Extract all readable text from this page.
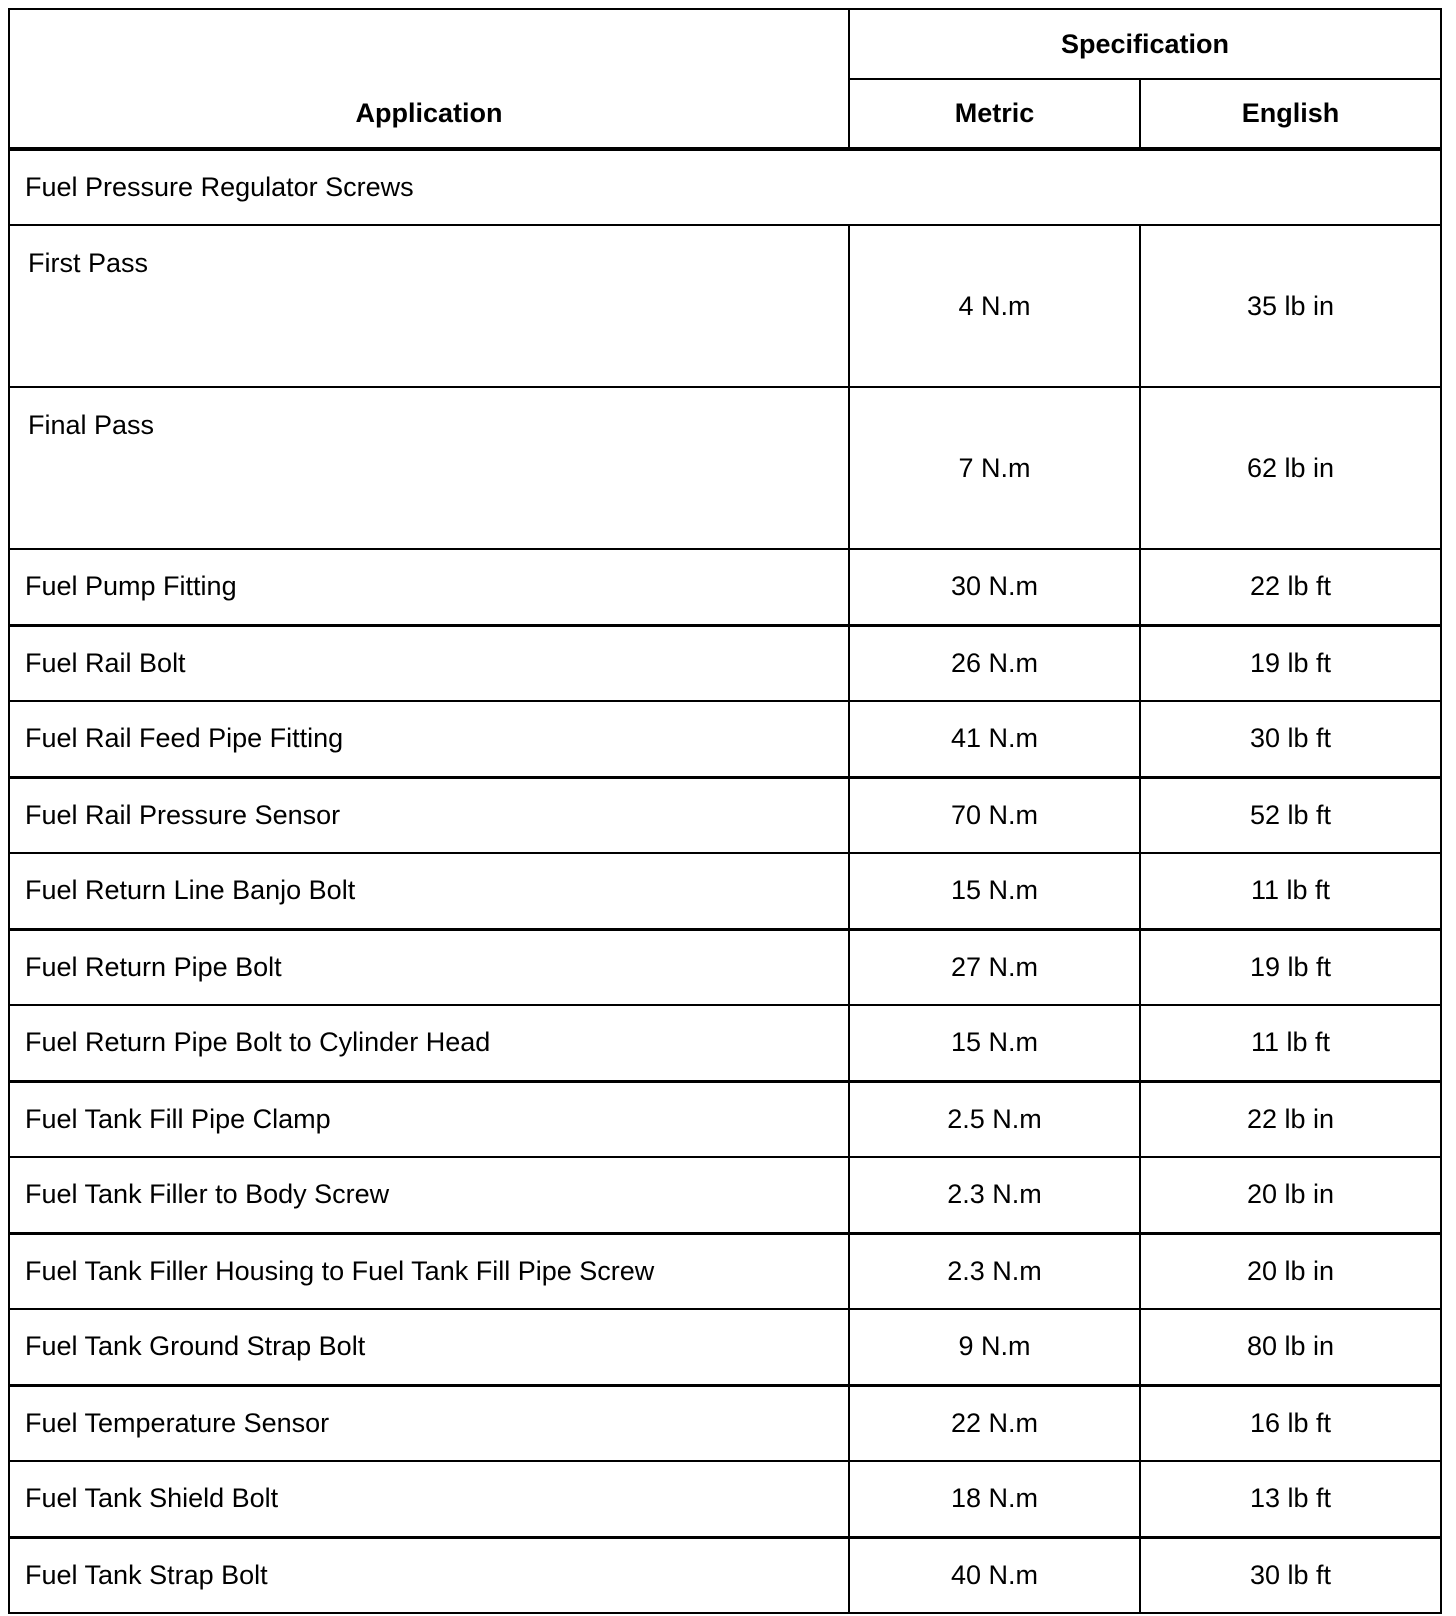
Application	Specification	
	Metric	English
Fuel Pressure Regulator Screws		
First Pass	4 N.m	35 lb in
Final Pass	7 N.m	62 lb in
Fuel Pump Fitting	30 N.m	22 lb ft
Fuel Rail Bolt	26 N.m	19 lb ft
Fuel Rail Feed Pipe Fitting	41 N.m	30 lb ft
Fuel Rail Pressure Sensor	70 N.m	52 lb ft
Fuel Return Line Banjo Bolt	15 N.m	11 lb ft
Fuel Return Pipe Bolt	27 N.m	19 lb ft
Fuel Return Pipe Bolt to Cylinder Head	15 N.m	11 lb ft
Fuel Tank Fill Pipe Clamp	2.5 N.m	22 lb in
Fuel Tank Filler to Body Screw	2.3 N.m	20 lb in
Fuel Tank Filler Housing to Fuel Tank Fill Pipe Screw	2.3 N.m	20 lb in
Fuel Tank Ground Strap Bolt	9 N.m	80 lb in
Fuel Temperature Sensor	22 N.m	16 lb ft
Fuel Tank Shield Bolt	18 N.m	13 lb ft
Fuel Tank Strap Bolt	40 N.m	30 lb ft
